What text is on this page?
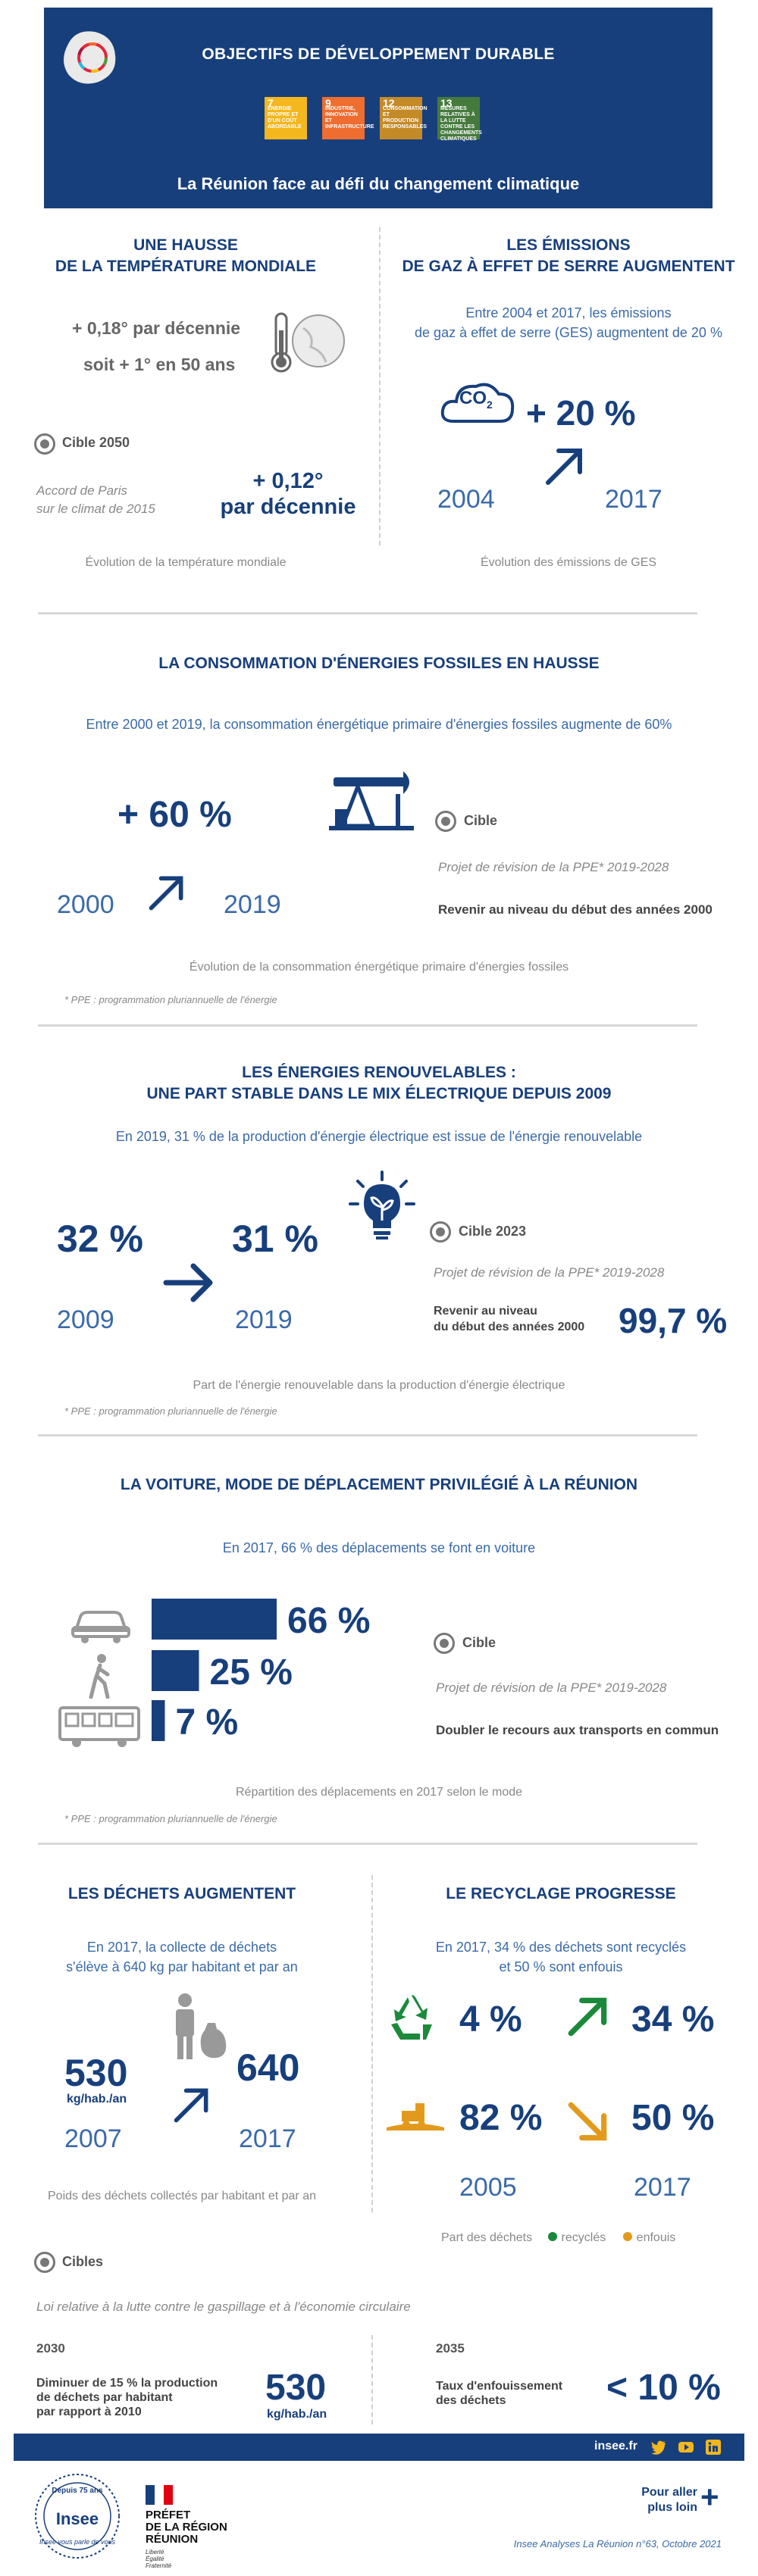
OBJECTIFS DE DÉVELOPPEMENT DURABLE
7
ÉNERGIE PROPRE ET D'UN COÛT ABORDABLE
9
INDUSTRIE, INNOVATION ET INFRASTRUCTURE
12
CONSOMMATION ET PRODUCTION RESPONSABLES
13
MESURES RELATIVES À LA LUTTE CONTRE LES CHANGEMENTS CLIMATIQUES
La Réunion face au défi du changement climatique
UNE HAUSSE
DE LA TEMPÉRATURE MONDIALE
+ 0,18° par décennie
soit + 1° en 50 ans
Cible 2050
Accord de Paris
sur le climat de 2015
+ 0,12°
par décennie
Évolution de la température mondiale
LES ÉMISSIONS
DE GAZ À EFFET DE SERRE AUGMENTENT
Entre 2004 et 2017, les émissions
de gaz à effet de serre (GES) augmentent de 20 %
$CO_2 + 20$ %
2004	2017
Évolution des émissions de GES
LA CONSOMMATION D'ÉNERGIES FOSSILES EN HAUSSE
Entre 2000 et 2019, la consommation énergétique primaire d'énergies fossiles augmente de 60%
+ 60 %
2000	2019
Cible
Projet de révision de la PPE* 2019-2028
Revenir au niveau du début des années 2000
Évolution de la consommation énergétique primaire d'énergies fossiles
* PPE : programmation pluriannuelle de l'énergie
LES ÉNERGIES RENOUVELABLES :
UNE PART STABLE DANS LE MIX ÉLECTRIQUE DEPUIS 2009
En 2019, 31 % de la production d'énergie électrique est issue de l'énergie renouvelable
32 % 31 %
2009	2019
Cible 2023
Projet de révision de la PPE* 2019-2028
Revenir au niveau
du début des années 2000 99,7 %
Part de l'énergie renouvelable dans la production d'énergie électrique
* PPE : programmation pluriannuelle de l'énergie
LA VOITURE, MODE DE DÉPLACEMENT PRIVILÉGIÉ À LA RÉUNION
En 2017, 66 % des déplacements se font en voiture
66 %
25 %
7 %
Cible
Projet de révision de la PPE* 2019-2028
Doubler le recours aux transports en commun
Répartition des déplacements en 2017 selon le mode
* PPE : programmation pluriannuelle de l'énergie
LES DÉCHETS AUGMENTENT
En 2017, la collecte de déchets
s'élève à 640 kg par habitant et par an
530
kg/hab./an
640
2007	2017
Poids des déchets collectés par habitant et par an
LE RECYCLAGE PROGRESSE
En 2017, 34 % des déchets sont recyclés
et 50 % sont enfouis
4 %	34 %
82 % 50 %
2005	2017
Part des déchets recyclés	enfouis
Cibles
Loi relative à la lutte contre le gaspillage et à l'économie circulaire
2030
Diminuer de 15 % la production
de déchets par habitant
par rapport à 2010
530
kg/hab./an
2035
Taux d'enfouissement
des déchets	< 10 %
insee.fr
Depuis 75 ans
Insee
Insee vous parle de vous
PRÉFET
DE LA RÉGION
RÉUNION
Liberté
Égalité
Fraternité
Pour aller
plus loin +
Insee Analyses La Réunion n°63, Octobre 2021
